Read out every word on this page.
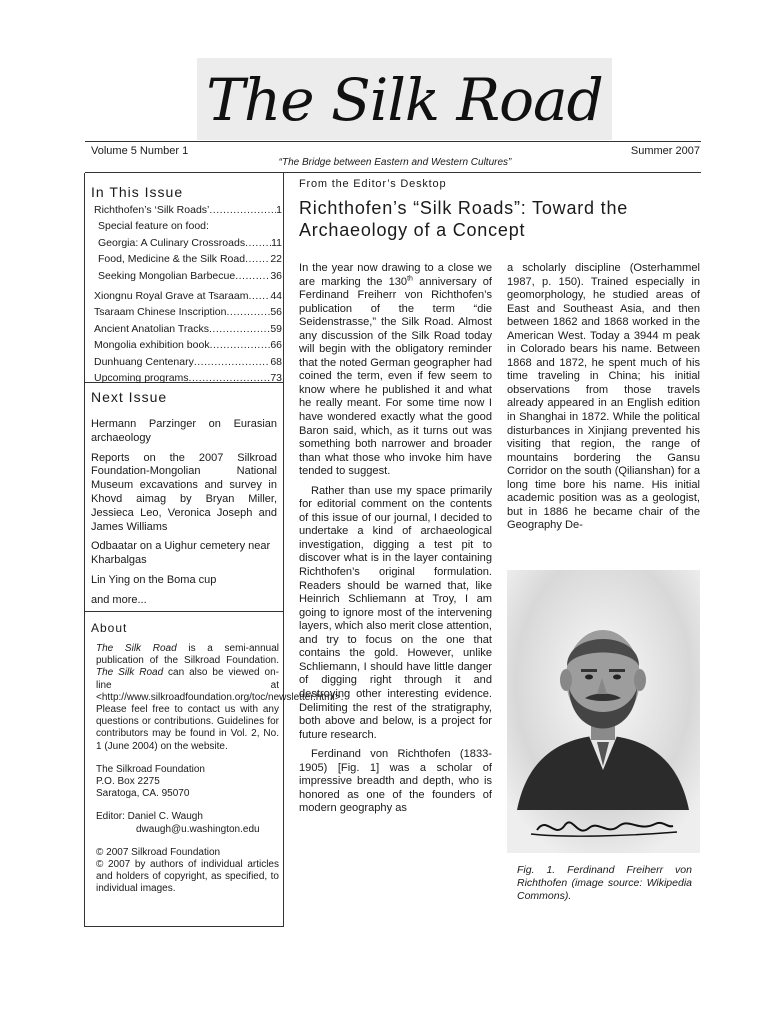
The Silk Road
Volume 5 Number 1	Summer 2007
“The Bridge between Eastern and Western Cultures”
In This Issue
Richthofen’s ‘Silk Roads’ .....	1
Special feature on food:
Georgia: A Culinary Crossroads ..... 11
Food, Medicine & the Silk Road ..... 22
Seeking Mongolian Barbecue .....	36
Xiongnu Royal Grave at Tsaraam ..... 44
Tsaraam Chinese Inscription .....	56
Ancient Anatolian Tracks .....	59
Mongolia exhibition book .....	66
Dunhuang Centenary .....	68
Upcoming programs .....	73
Next Issue

Hermann Parzinger on Eurasian archaeology

Reports on the 2007 Silkroad Foundation-Mongolian National Museum excavations and survey in Khovd aimag by Bryan Miller, Jessieca Leo, Veronica Joseph and James Williams

Odbaatar on a Uighur cemetery near Kharbalgas

Lin Ying on the Boma cup

and more...

About

The Silk Road is a semi-annual publication of the Silkroad Foundation. The Silk Road can also be viewed on-line at <http://www.silkroadfoundation.org/toc/newsletter.html>. Please feel free to contact us with any questions or contributions. Guidelines for contributors may be found in Vol. 2, No. 1 (June 2004) on the website.

The Silkroad Foundation

P.O. Box 2275

Saratoga, CA. 95070

Editor: Daniel C. Waugh

dwaugh@u.washington.edu

© 2007 Silkroad Foundation

© 2007 by authors of individual articles and holders of copyright, as specified, to individual images.

From the Editor’s Desktop
Richthofen’s “Silk Roads”: Toward the Archaeology of a Concept

In the year now drawing to a close we are marking the 130th anniversary of Ferdinand Freiherr von Richthofen’s publication of the term “die Seidenstrasse,” the Silk Road. Almost any discussion of the Silk Road today will begin with the obligatory reminder that the noted German geographer had coined the term, even if few seem to know where he published it and what he really meant. For some time now I have wondered exactly what the good Baron said, which, as it turns out was something both narrower and broader than what those who invoke him have tended to suggest.

Rather than use my space primarily for editorial comment on the contents of this issue of our journal, I decided to undertake a kind of archaeological investigation, digging a test pit to discover what is in the layer containing Richthofen’s original formulation. Readers should be warned that, like Heinrich Schliemann at Troy, I am going to ignore most of the intervening layers, which also merit close attention, and try to focus on the one that contains the gold. However, unlike Schliemann, I should have little danger of digging right through it and destroying other interesting evidence. Delimiting the rest of the stratigraphy, both above and below, is a project for future research.

Ferdinand von Richthofen (1833-1905) [Fig. 1] was a scholar of impressive breadth and depth, who is honored as one of the founders of modern geography as

a scholarly discipline (Osterhammel 1987, p. 150). Trained especially in geomorphology, he studied areas of East and Southeast Asia, and then between 1862 and 1868 worked in the American West. Today a 3944 m peak in Colorado bears his name. Between 1868 and 1872, he spent much of his time traveling in China; his initial observations from those travels already appeared in an English edition in Shanghai in 1872. While the political disturbances in Xinjiang prevented his visiting that region, the range of mountains bordering the Gansu Corridor on the south (Qilianshan) for a long time bore his name. His initial academic position was as a geologist, but in 1886 he became chair of the Geography De-

Fig. 1. Ferdinand Freiherr von Richthofen (image source: Wikipedia Commons).
